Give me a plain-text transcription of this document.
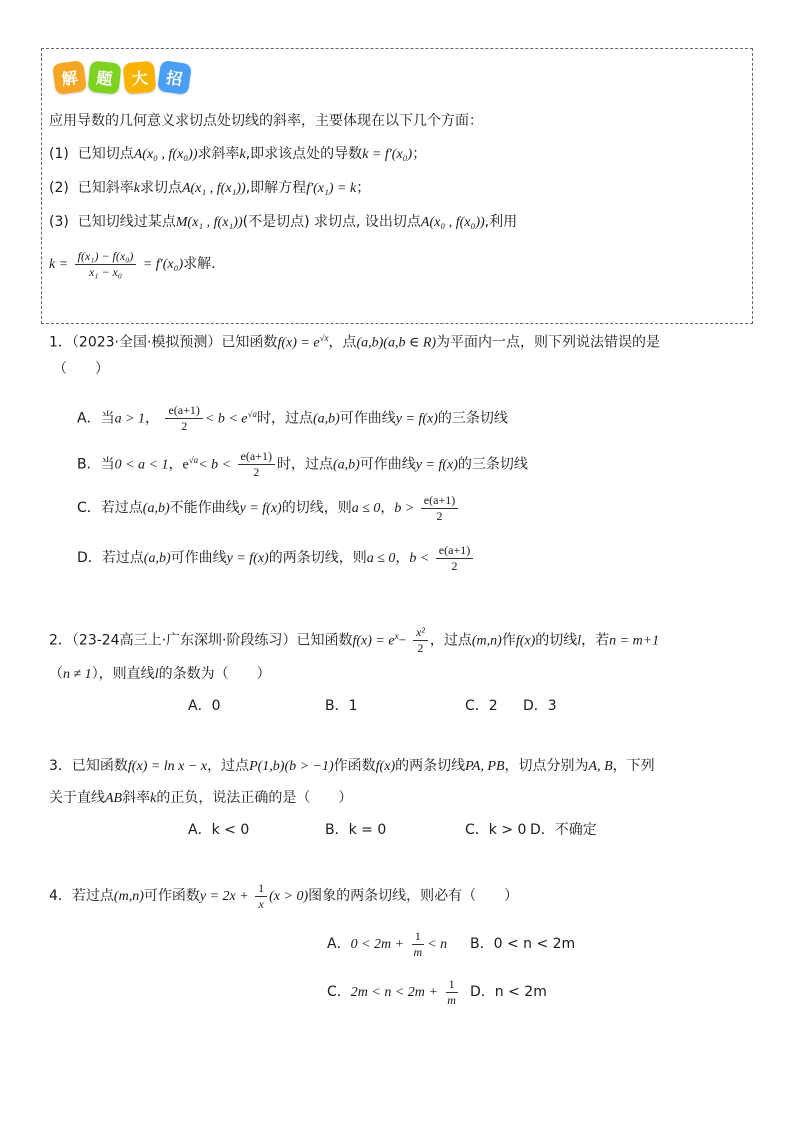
解	题	大	招
应用导数的几何意义求切点处切线的斜率，主要体现在以下几个方面：
(1) 已知切点A(x₀ , f(x₀))求斜率k,即求该点处的导数k = f′(x₀)；
(2) 已知斜率k求切点A(x₁ , f(x₁)),即解方程f′(x₁) = k；
(3) 已知切线过某点M(x₁ , f(x₁))(不是切点) 求切点, 设出切点A(x₀ , f(x₀)),利用
$k = \frac{\text{f(x₁) − f(x₀)}}{\text{x₁ − x₀}} = f'(x_0)$求解.
1．（2023·全国·模拟预测）已知函数$f(x) = e^{√x}$，点(a,b)(a,b ∈ R)为平面内一点，则下列说法错误的是
（　　）
A．当a > 1， $\frac{e(a+1)}{2} < b < e^{√a}$时，过点(a,b)可作曲线y = f(x)的三条切线
B．当0 < a < 1，$e^{√a}< b < \frac{e(a+1)}{2}$ 时，过点(a,b)可作曲线y = f(x)的三条切线
C．若过点(a,b)不能作曲线y = f(x)的切线，则a ≤ 0，$b > \frac{e(a+1)}{2}$
D．若过点(a,b)可作曲线y = f(x)的两条切线，则a ≤ 0，$b < \frac{e(a+1)}{2}$
2．（23-24高三上·广东深圳·阶段练习）已知函数$f(x) = e^x- \frac{\text{x²}}{2}$ ，过点(m,n)作f(x)的切线l，若n = m+1
（n ≠ 1），则直线l的条数为（　　）
A．0	B．1	C．2 D．3
3．已知函数f(x) = ln x − x，过点P(1,b)(b > −1)作函数f(x)的两条切线PA, PB，切点分别为A, B，下列
关于直线AB斜率k的正负，说法正确的是（　　）
A．k < 0	B．k = 0	C．k > 0 D．不确定
4．若过点(m,n)可作函数$y = 2x + \frac{1}{x} (x > 0)$图象的两条切线，则必有（　　）
A．$0 < 2m + \frac{1}{m} < n$ B．0 < n < 2m
C．$2m < n < 2m + \frac{1}{m}$ D．n < 2m
